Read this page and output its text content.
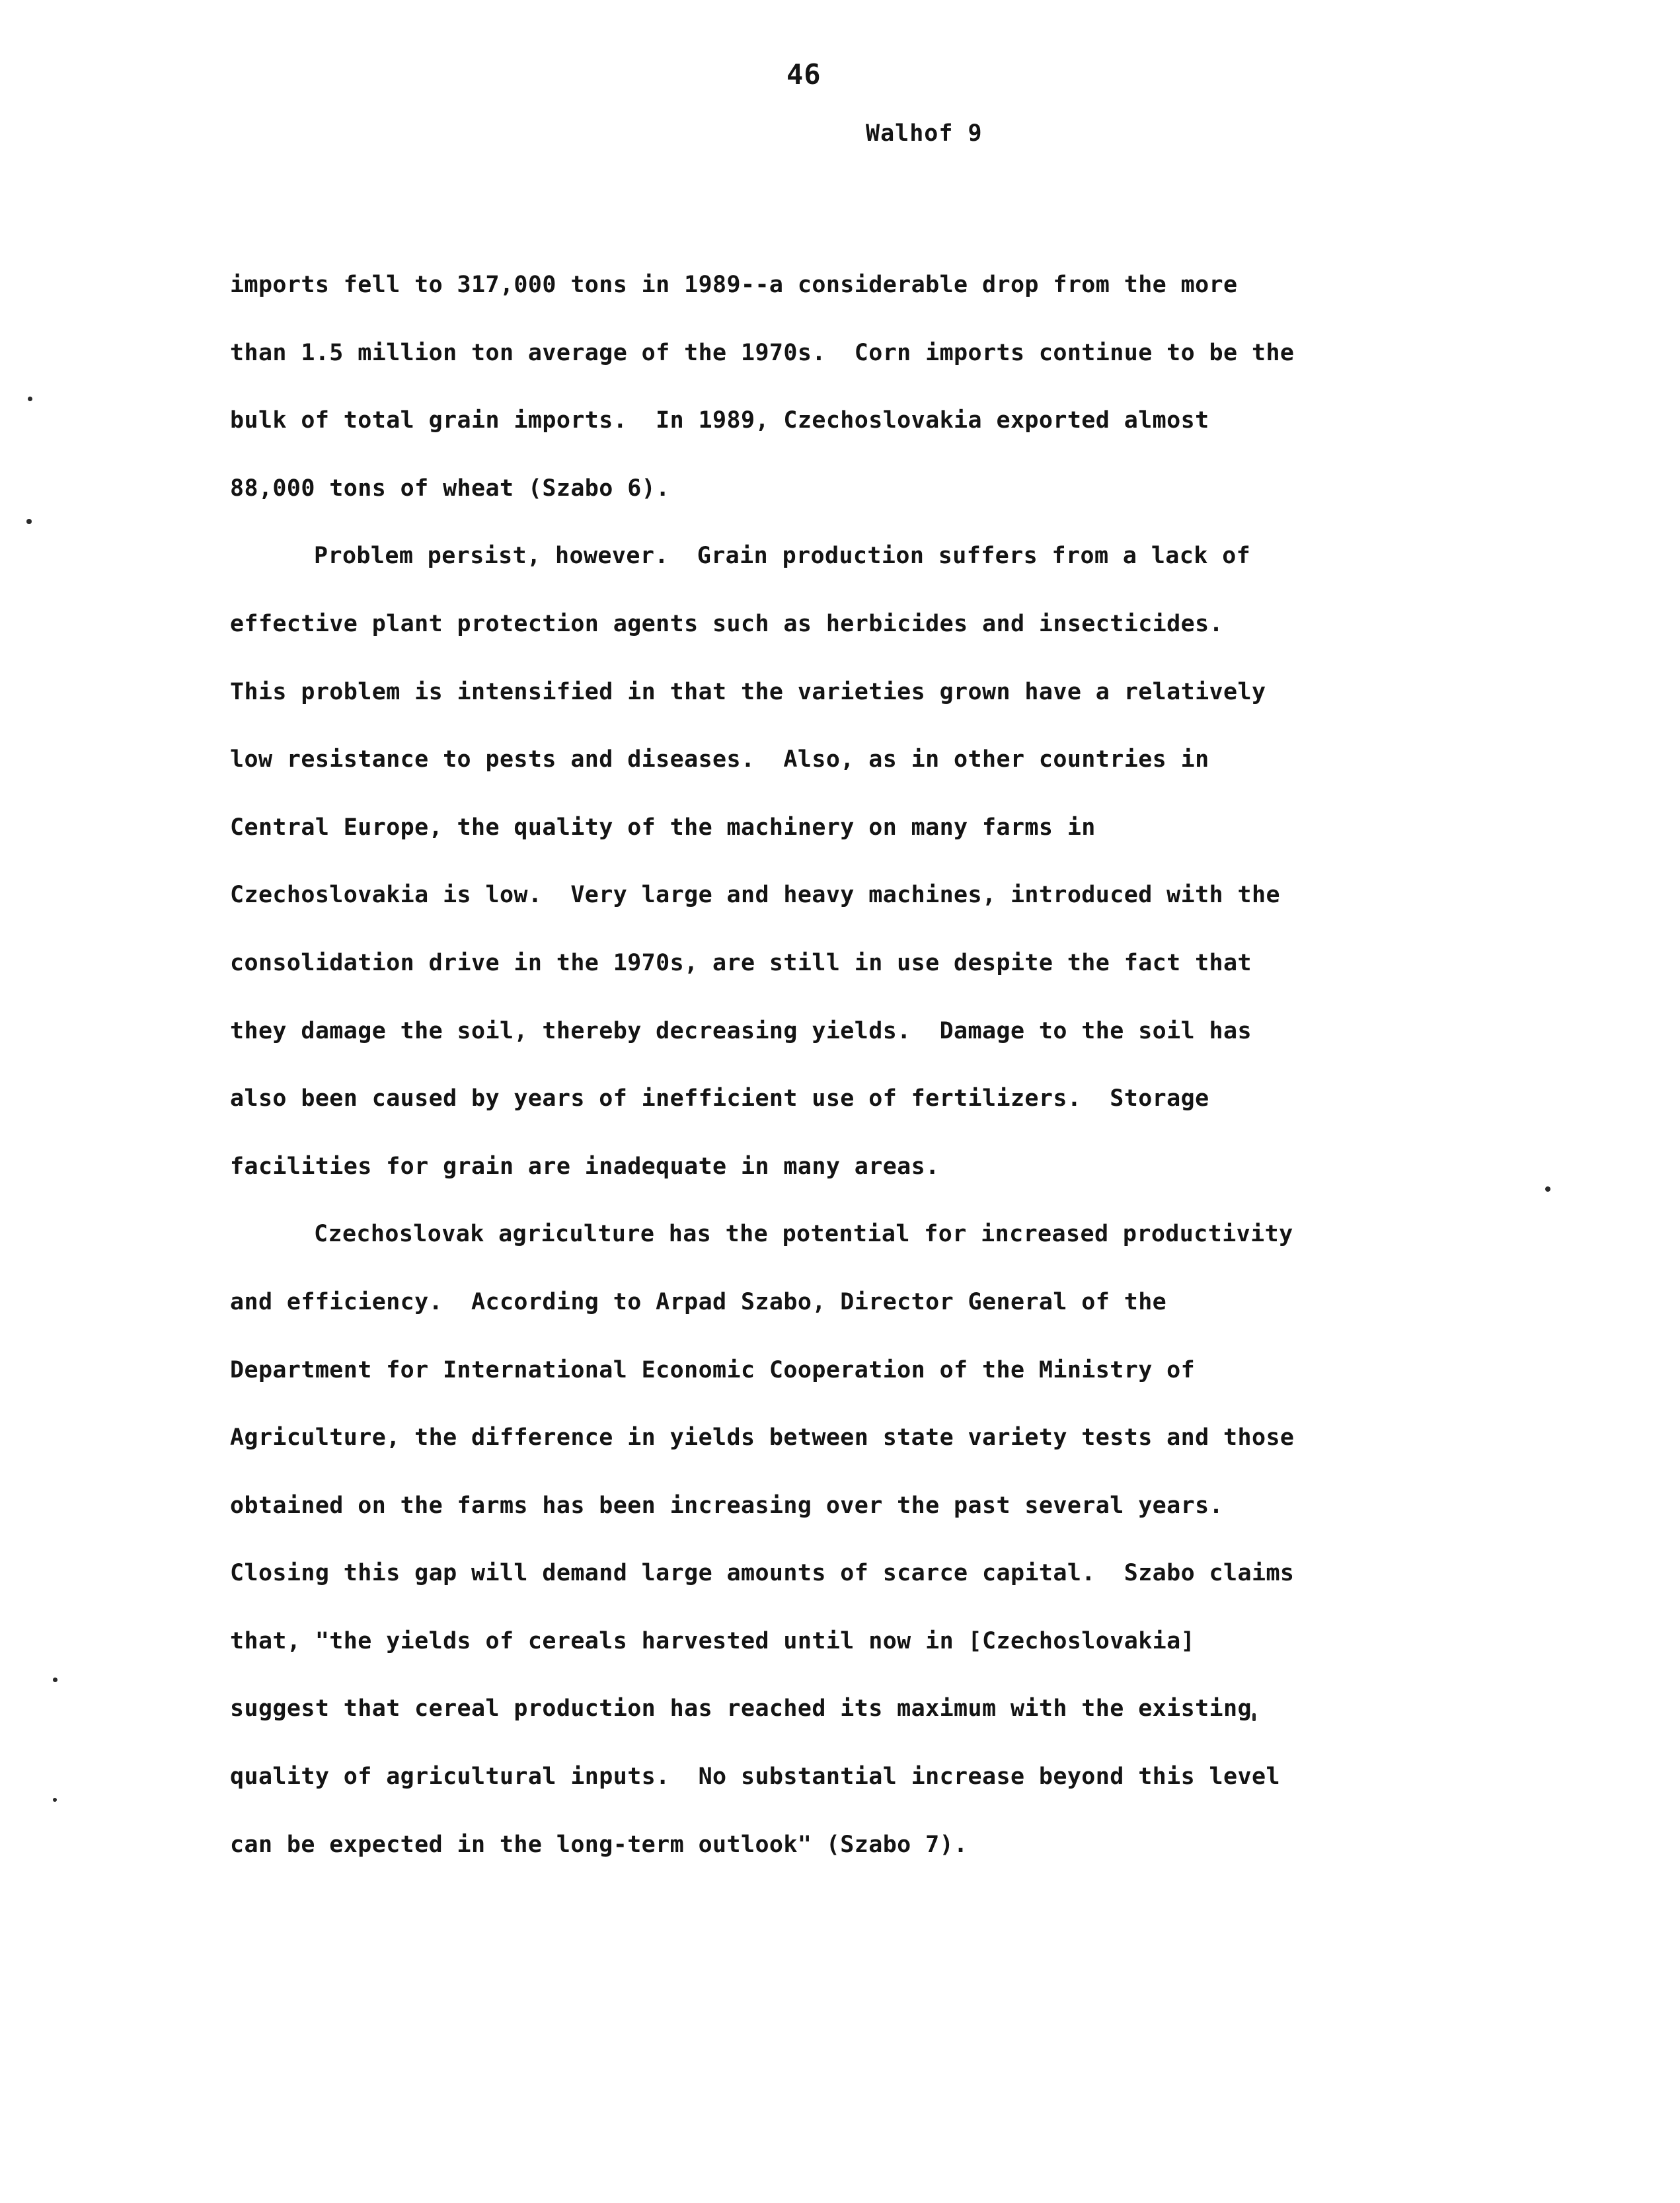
46
Walhof 9
imports fell to 317,000 tons in 1989--a considerable drop from the more
than 1.5 million ton average of the 1970s.  Corn imports continue to be the
bulk of total grain imports.  In 1989, Czechoslovakia exported almost
88,000 tons of wheat (Szabo 6).
Problem persist, however.  Grain production suffers from a lack of
effective plant protection agents such as herbicides and insecticides.
This problem is intensified in that the varieties grown have a relatively
low resistance to pests and diseases.  Also, as in other countries in
Central Europe, the quality of the machinery on many farms in
Czechoslovakia is low.  Very large and heavy machines, introduced with the
consolidation drive in the 1970s, are still in use despite the fact that
they damage the soil, thereby decreasing yields.  Damage to the soil has
also been caused by years of inefficient use of fertilizers.  Storage
facilities for grain are inadequate in many areas.
Czechoslovak agriculture has the potential for increased productivity
and efficiency.  According to Arpad Szabo, Director General of the
Department for International Economic Cooperation of the Ministry of
Agriculture, the difference in yields between state variety tests and those
obtained on the farms has been increasing over the past several years.
Closing this gap will demand large amounts of scarce capital.  Szabo claims
that, "the yields of cereals harvested until now in [Czechoslovakia]
suggest that cereal production has reached its maximum with the existing
quality of agricultural inputs.  No substantial increase beyond this level
can be expected in the long-term outlook" (Szabo 7).
